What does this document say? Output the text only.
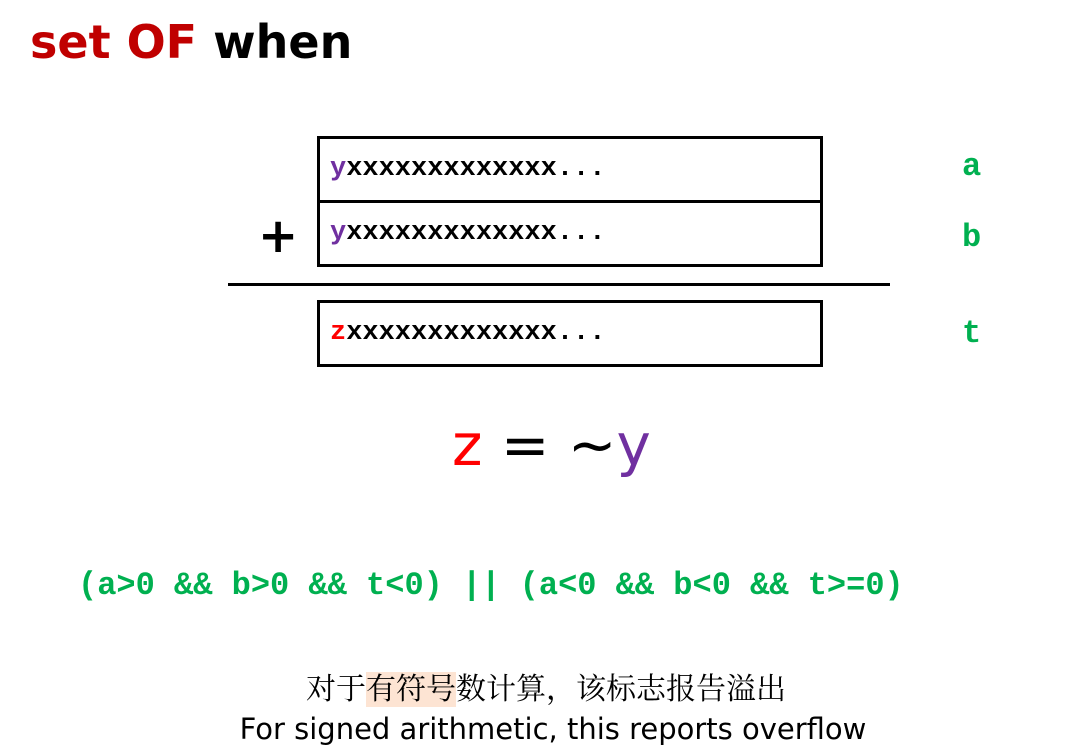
set OF when
yxxxxxxxxxxxxx...
+	yxxxxxxxxxxxxx...
zxxxxxxxxxxxxx...
a
b
t
z = ~y
(a>0 && b>0 && t<0) || (a<0 && b<0 && t>=0)
对于有符号数计算，该标志报告溢出
For signed arithmetic, this reports overflow
